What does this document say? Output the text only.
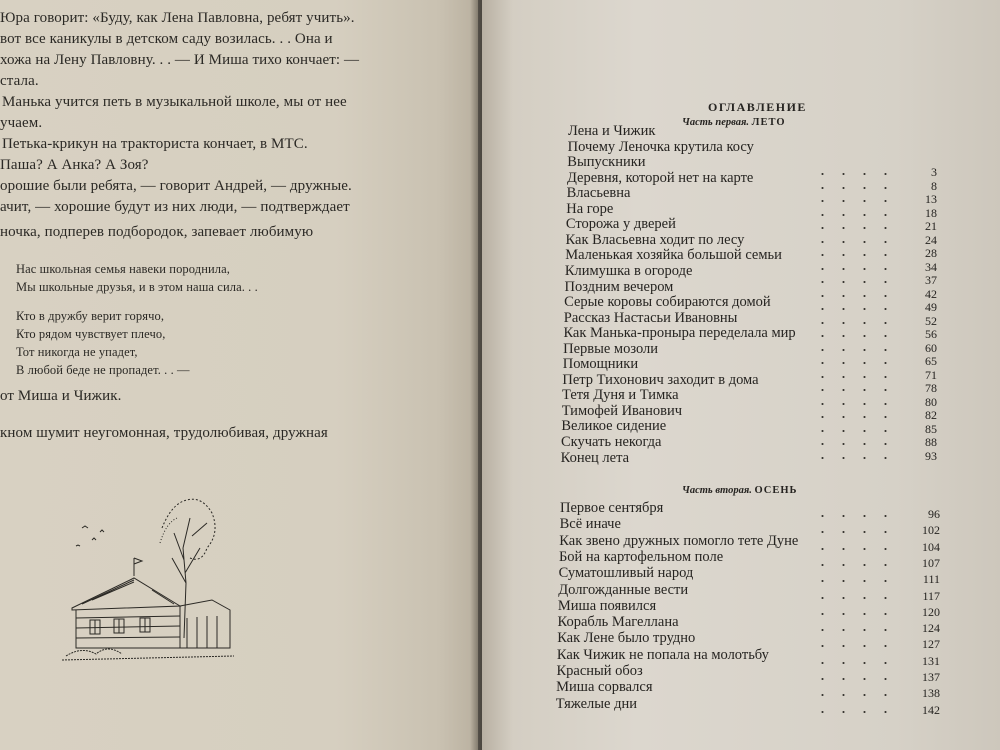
Юра говорит: «Буду, как Лена Павловна, ребят учить».
вот все каникулы в детском саду возилась. . . Она и
хожа на Лену Павловну. . . — И Миша тихо кончает: —
стала.
Манька учится петь в музыкальной школе, мы от нее
учаем.
Петька-крикун на тракториста кончает, в МТС.
Паша? А Анка? А Зоя?
орошие были ребята, — говорит Андрей, — дружные.
ачит, — хорошие будут из них люди, — подтверждает
ночка, подперев подбородок, запевает любимую
Нас школьная семья навеки породнила,
Мы школьные друзья, и в этом наша сила. . .
Кто в дружбу верит горячо,
Кто рядом чувствует плечо,
Тот никогда не упадет,
В любой беде не пропадет. . . —
от Миша и Чижик.
кном шумит неугомонная, трудолюбивая, дружная
ОГЛАВЛЕНИЕ
Часть первая. ЛЕТО
Часть вторая. ОСЕНЬ
Лена и Чижик
Почему Леночка крутила косу
Выпускники
Деревня, которой нет на карте
Власьевна
На горе
Сторожа у дверей
Как Власьевна ходит по лесу
Маленькая хозяйка большой семьи
Климушка в огороде
Поздним вечером
Серые коровы собираются домой
Рассказ Настасьи Ивановны
Как Манька-проныра переделала мир
Первые мозоли
Помощники
Петр Тихонович заходит в дома
Тетя Дуня и Тимка
Тимофей Иванович
Великое сидение
Скучать некогда
Конец лета
3
8
13
18
21
24
28
34
37
42
49
52
56
60
65
71
78
80
82
85
88
93
Первое сентября
Всё иначе
Как звено дружных помогло тете Дуне
Бой на картофельном поле
Суматошливый народ
Долгожданные вести
Миша появился
Корабль Магеллана
Как Лене было трудно
Как Чижик не попала на молотьбу
Красный обоз
Миша сорвался
Тяжелые дни
96
102
104
107
111
117
120
124
127
131
137
138
142
